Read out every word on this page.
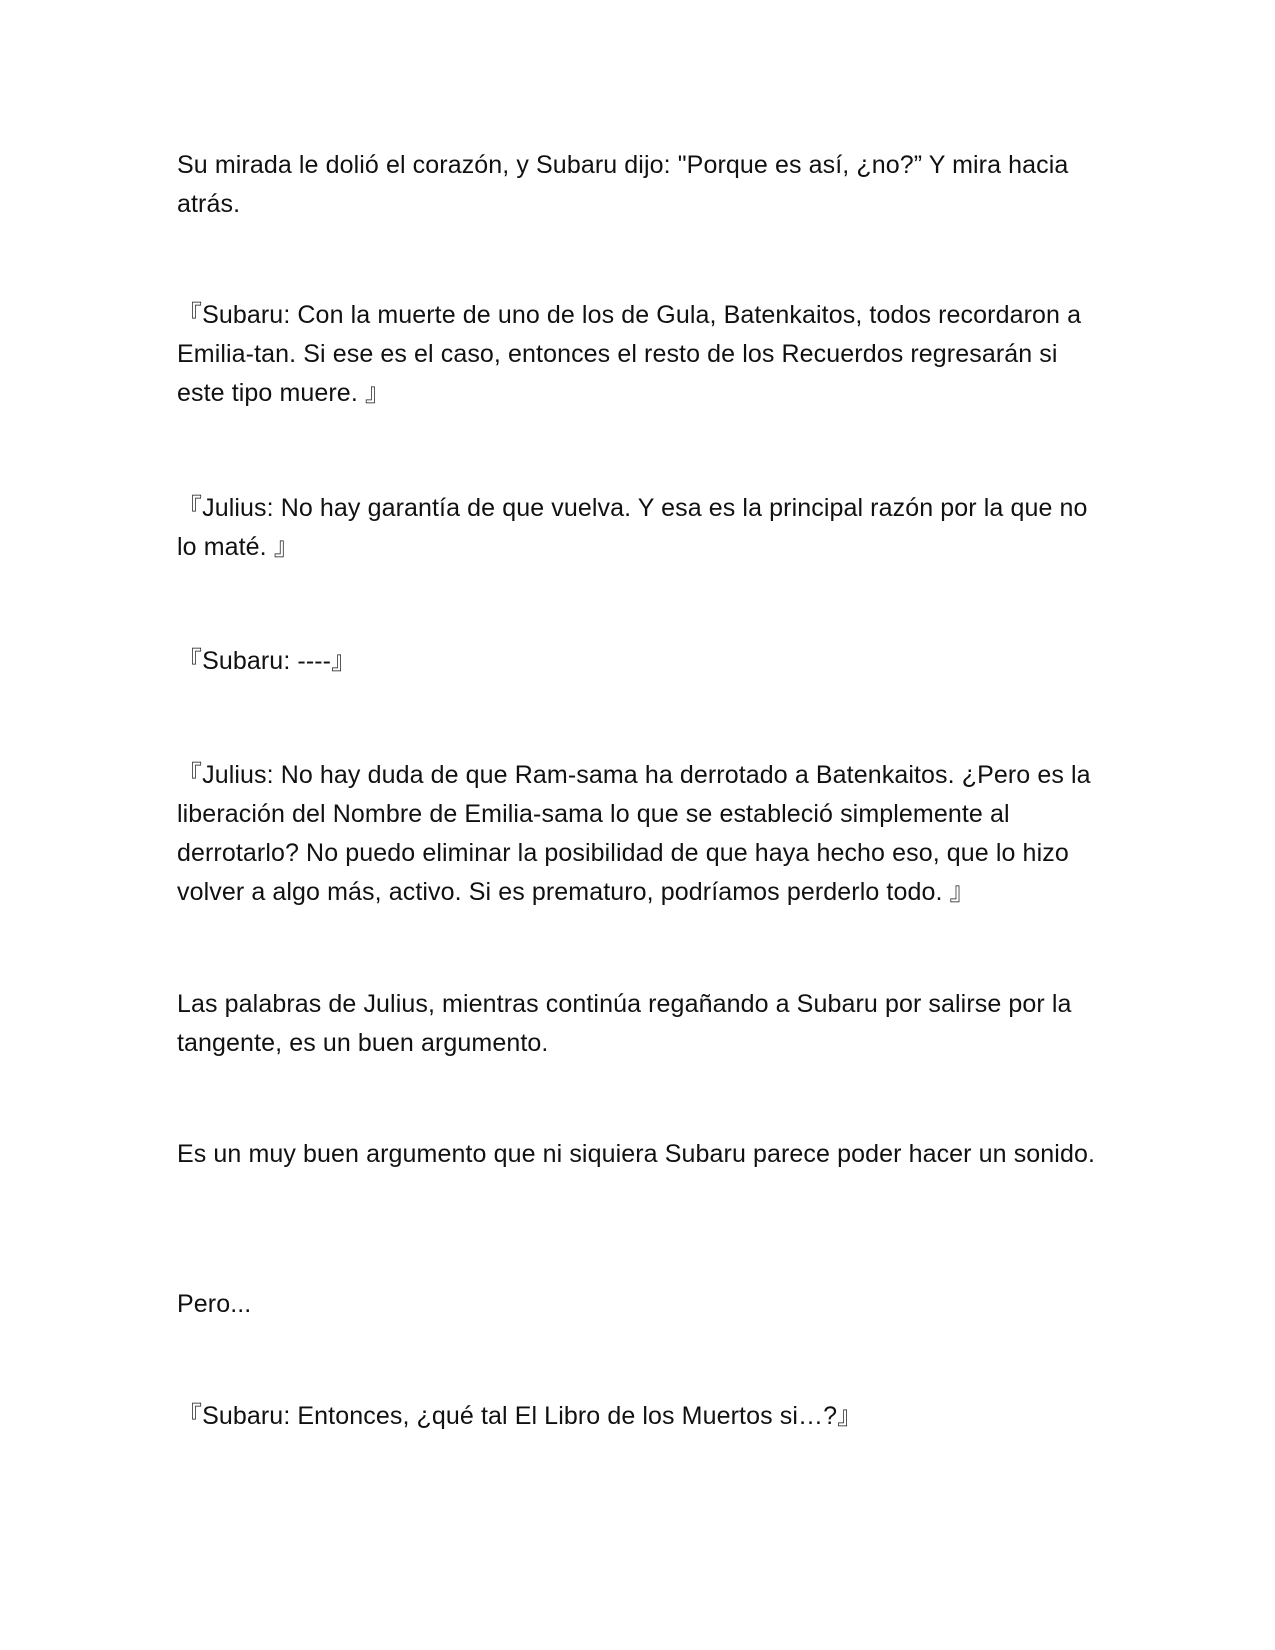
Su mirada le dolió el corazón, y Subaru dijo: "Porque es así, ¿no?” Y mira hacia atrás.

『Subaru: Con la muerte de uno de los de Gula, Batenkaitos, todos recordaron a Emilia-tan. Si ese es el caso, entonces el resto de los Recuerdos regresarán si este tipo muere. 』

『Julius: No hay garantía de que vuelva. Y esa es la principal razón por la que no lo maté. 』

『Subaru: ----』

『Julius: No hay duda de que Ram-sama ha derrotado a Batenkaitos. ¿Pero es la liberación del Nombre de Emilia-sama lo que se estableció simplemente al derrotarlo? No puedo eliminar la posibilidad de que haya hecho eso, que lo hizo volver a algo más, activo. Si es prematuro, podríamos perderlo todo. 』

Las palabras de Julius, mientras continúa regañando a Subaru por salirse por la tangente, es un buen argumento.

Es un muy buen argumento que ni siquiera Subaru parece poder hacer un sonido.

Pero...

『Subaru: Entonces, ¿qué tal El Libro de los Muertos si…?』
